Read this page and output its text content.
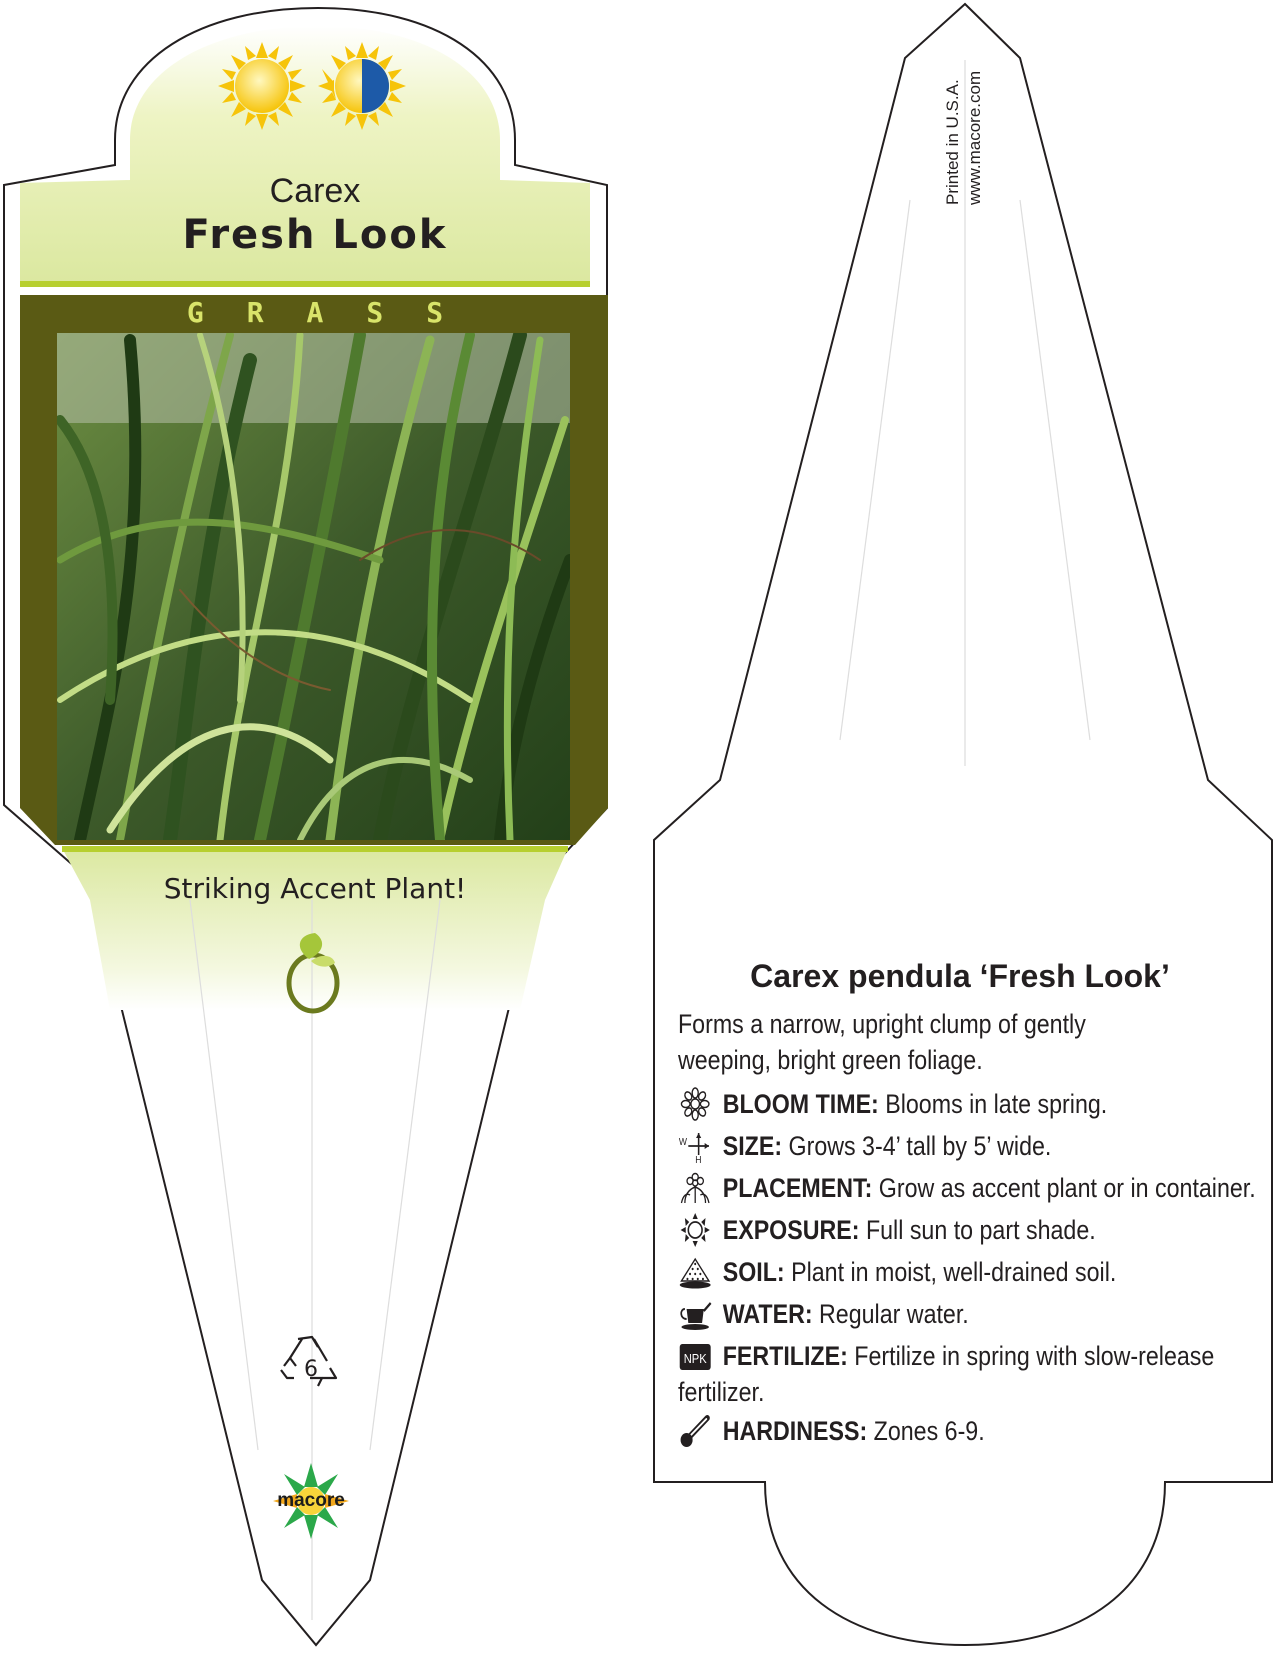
Carex
Fresh Look
GRASS
Striking Accent Plant!
6
macore
Printed in U.S.A. www.macore.com
Carex pendula ‘Fresh Look’
Forms a narrow, upright clump of gently weeping, bright green foliage.
BLOOM TIME: Blooms in late spring.
W
H SIZE: Grows 3-4’ tall by 5’ wide.
PLACEMENT: Grow as accent plant or in container.
EXPOSURE: Full sun to part shade.
SOIL: Plant in moist, well-drained soil.
WATER: Regular water.
NPK FERTILIZE: Fertilize in spring with slow-release
fertilizer.
HARDINESS: Zones 6-9.
